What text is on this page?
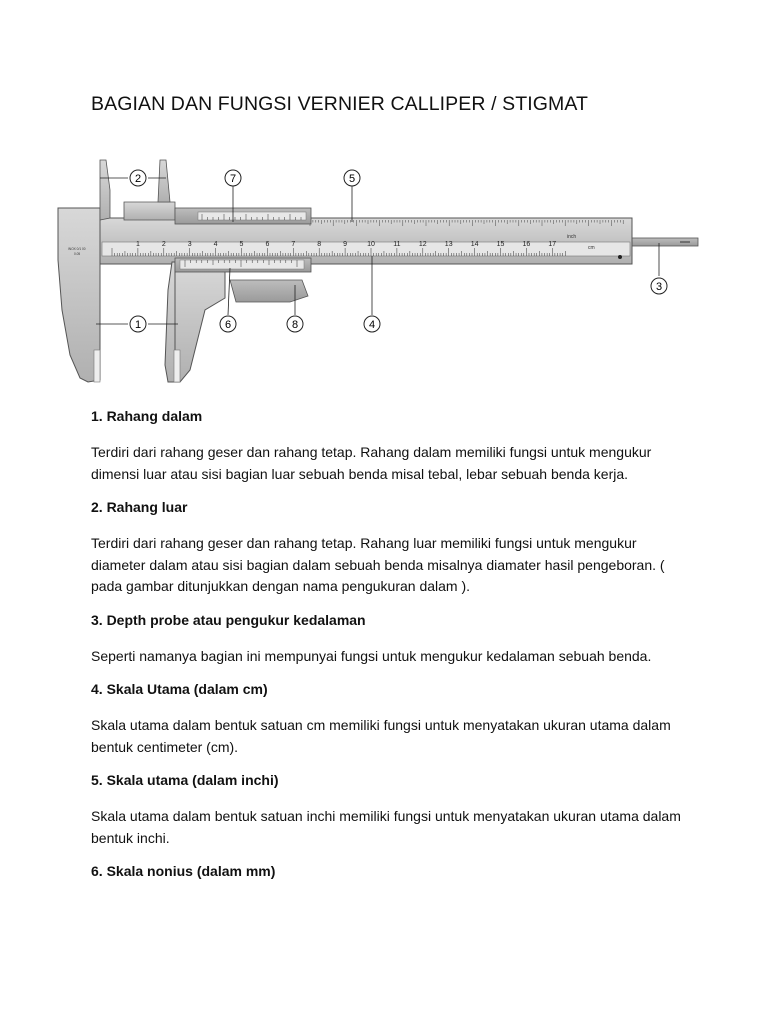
BAGIAN DAN FUNGSI VERNIER CALLIPER / STIGMAT
1	2	3	4	5	6	7	8	9	10	11	12	13	14	15	16	17
inch
cm
INOX 0/1 00
0.05
2	7	5
1	6	8	4
3

1. Rahang dalam

Terdiri dari rahang geser dan rahang tetap. Rahang dalam memiliki fungsi untuk mengukur dimensi luar atau sisi bagian luar sebuah benda misal tebal, lebar sebuah benda kerja.

2. Rahang luar

Terdiri dari rahang geser dan rahang tetap. Rahang luar memiliki fungsi untuk mengukur diameter dalam atau sisi bagian dalam sebuah benda misalnya diamater hasil pengeboran. ( pada gambar ditunjukkan dengan nama pengukuran dalam ).

3. Depth probe atau pengukur kedalaman

Seperti namanya bagian ini mempunyai fungsi untuk mengukur kedalaman sebuah benda.

4. Skala Utama (dalam cm)

Skala utama dalam bentuk satuan cm memiliki fungsi untuk menyatakan ukuran utama dalam bentuk centimeter (cm).

5. Skala utama (dalam inchi)

Skala utama dalam bentuk satuan inchi memiliki fungsi untuk menyatakan ukuran utama dalam bentuk inchi.

6. Skala nonius (dalam mm)
